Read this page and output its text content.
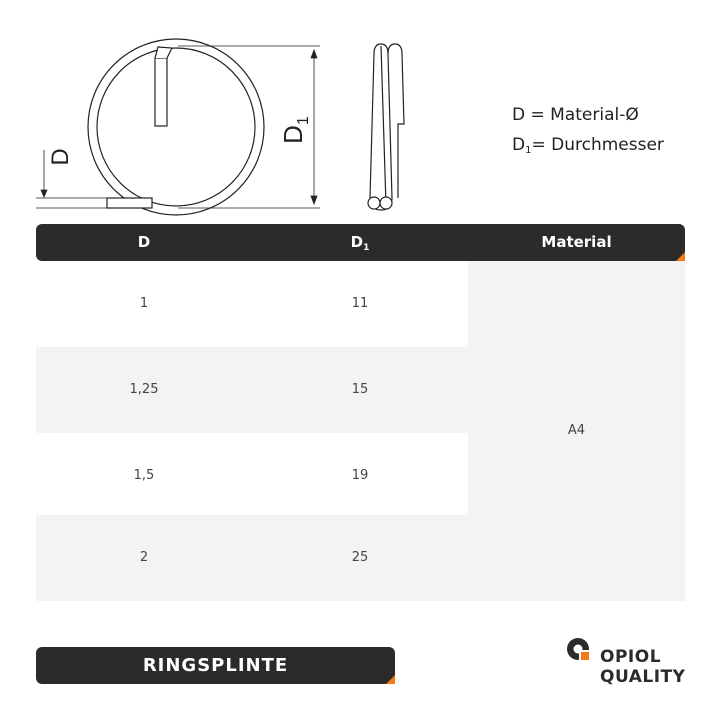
D
$D_1$	D = Material-Ø
$D_1=$ Durchmesser
D	$D_1$	Material
1	11
1,25	15
1,5	19
2	25
A4
RINGSPLINTE	OPIOL
QUALITY
